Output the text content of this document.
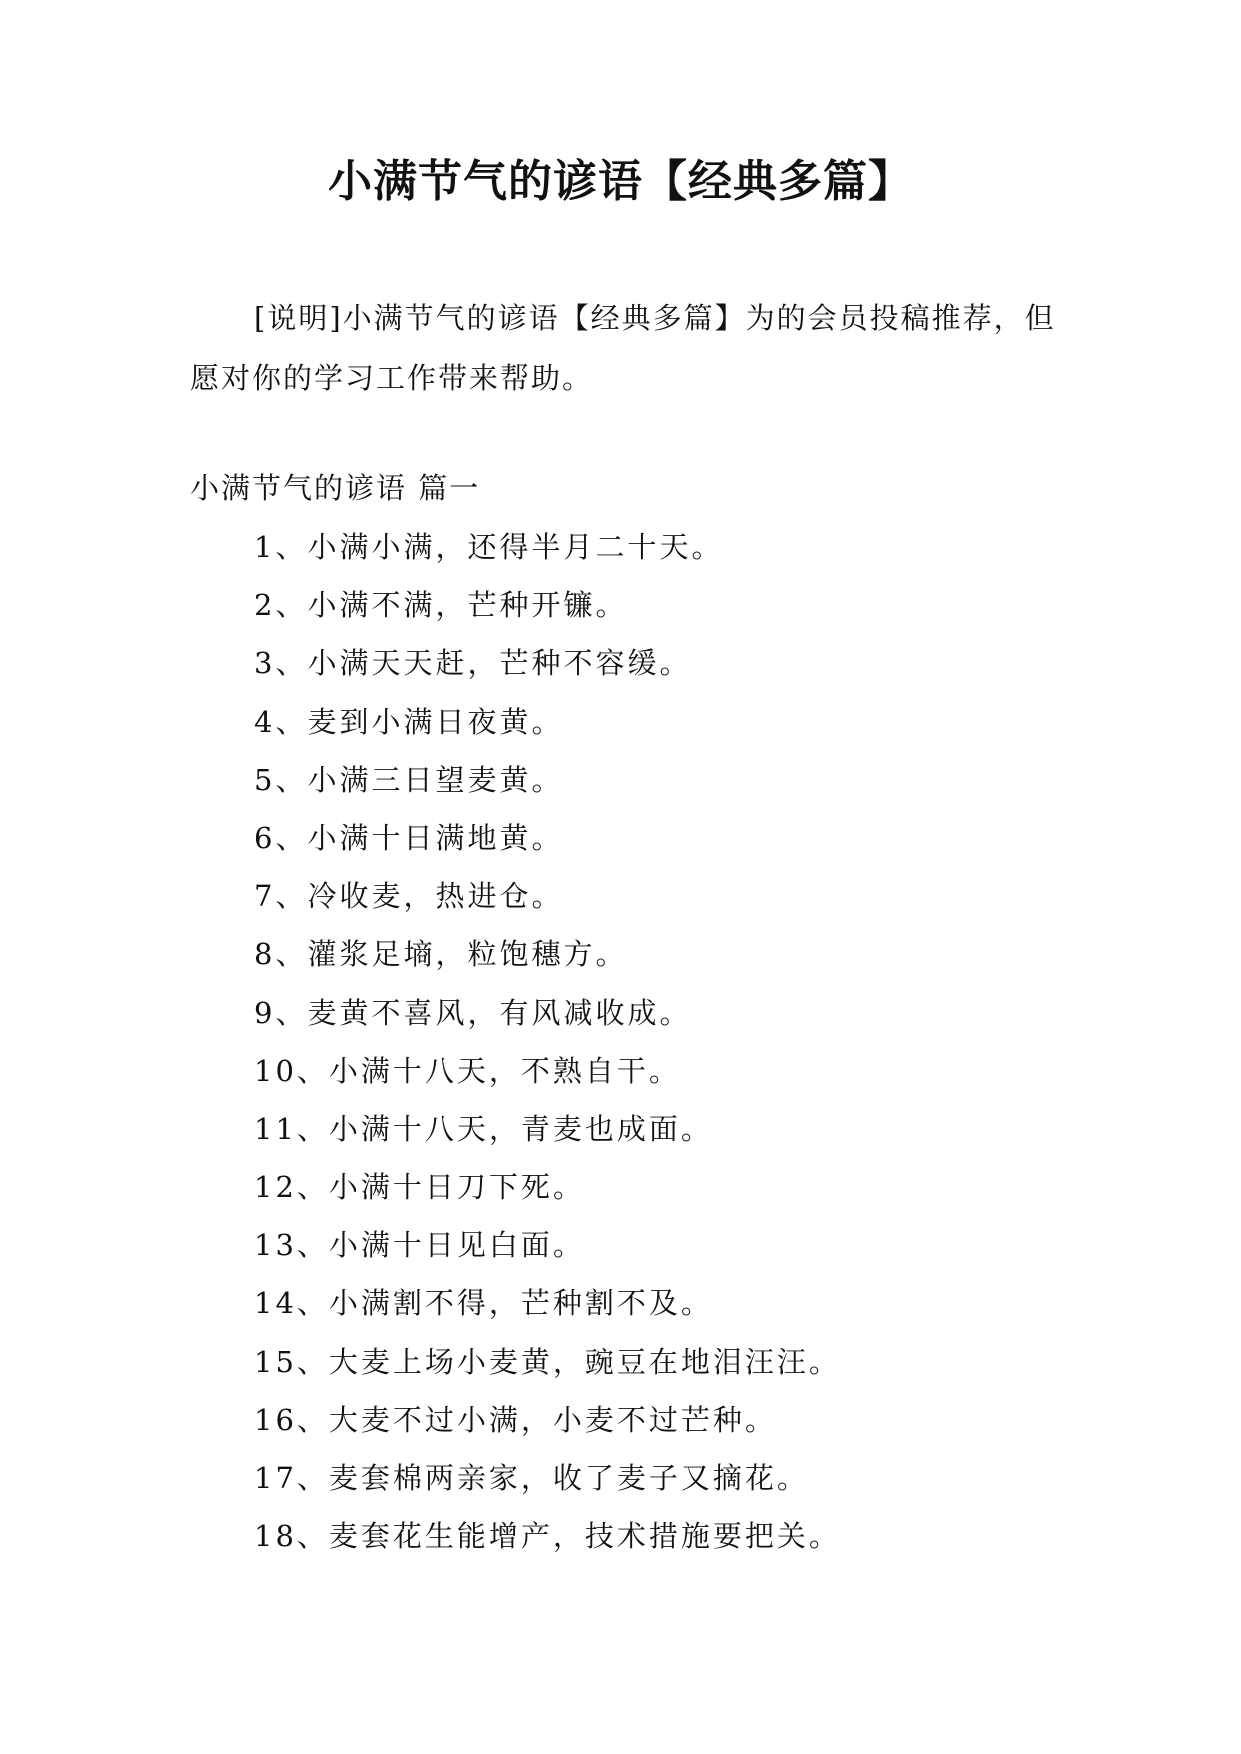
小满节气的谚语【经典多篇】

[说明]小满节气的谚语【经典多篇】为的会员投稿推荐，但愿对你的学习工作带来帮助。

小满节气的谚语 篇一

1、小满小满，还得半月二十天。
2、小满不满，芒种开镰。
3、小满天天赶，芒种不容缓。
4、麦到小满日夜黄。
5、小满三日望麦黄。
6、小满十日满地黄。
7、冷收麦，热进仓。
8、灌浆足墒，粒饱穗方。
9、麦黄不喜风，有风减收成。
10、小满十八天，不熟自干。
11、小满十八天，青麦也成面。
12、小满十日刀下死。
13、小满十日见白面。
14、小满割不得，芒种割不及。
15、大麦上场小麦黄，豌豆在地泪汪汪。
16、大麦不过小满，小麦不过芒种。
17、麦套棉两亲家，收了麦子又摘花。
18、麦套花生能增产，技术措施要把关。
